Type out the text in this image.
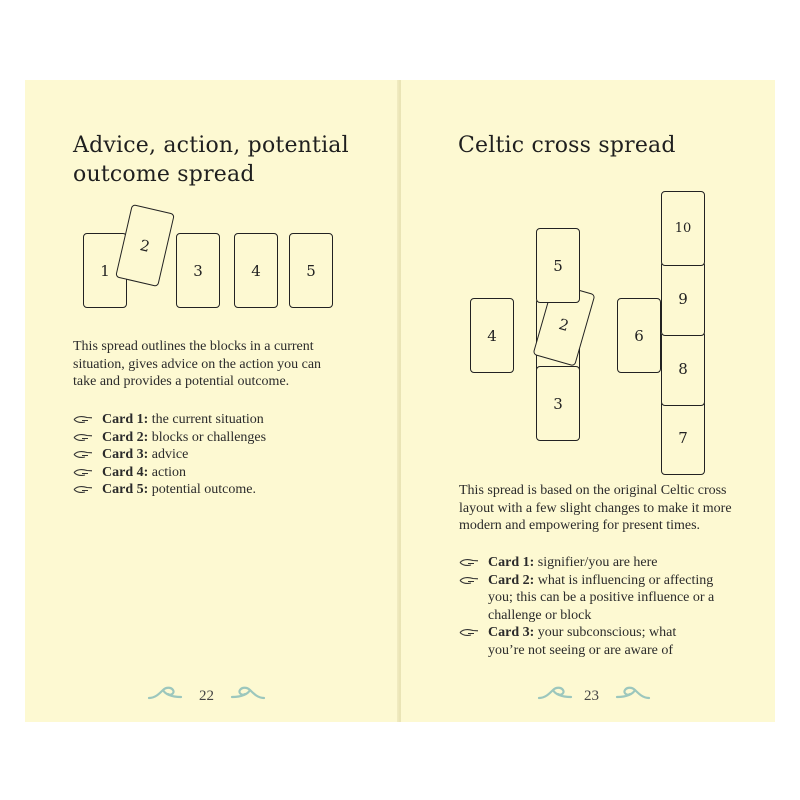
Advice, action, potential
outcome spread
1
2
3	4	5

This spread outlines the blocks in a current situation, gives advice on the action you can take and provides a potential outcome.

Card 1: the current situation
Card 2: blocks or challenges
Card 3: advice
Card 4: action
Card 5: potential outcome.
22
Celtic cross spread
2
3
4
5
6
7
8
9
10

This spread is based on the original Celtic cross layout with a few slight changes to make it more modern and empowering for present times.

Card 1: signifier/you are here
Card 2: what is influencing or affecting you; this can be a positive influence or a challenge or block
Card 3: your subconscious; what you’re not seeing or are aware of
23
